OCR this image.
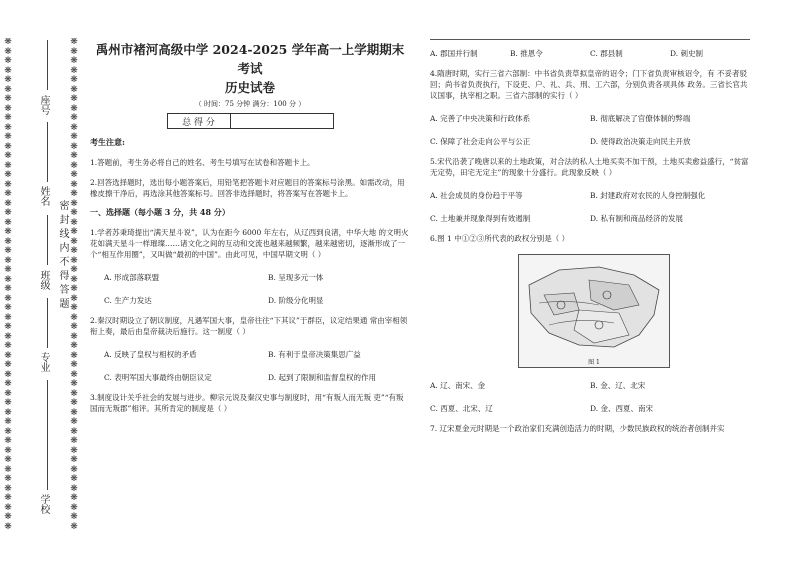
❋❋❋❋❋❋❋❋❋❋❋❋❋❋❋❋❋❋❋❋❋❋❋❋❋❋❋❋❋❋❋❋❋❋❋❋❋❋❋❋❋❋❋❋❋❋❋❋❋❋❋❋
❋❋❋❋❋❋❋❋❋❋❋❋❋❋❋❋❋❋❋❋❋❋❋❋❋❋❋❋❋❋❋❋❋❋❋❋❋❋❋❋❋❋❋❋❋❋❋❋❋❋❋❋
座号
姓名
班级
专业
学校
密封线内不得答题
禹州市褚河高级中学 2024-2025 学年高一上学期期末考试
历史试卷
（ 时间：75 分钟 满分：100 分 ）
总 得 分	

考生注意:

1.答题前，考生务必将自己的姓名、考生号填写在试卷和答题卡上。

2.回答选择题时，选出每小题答案后，用铅笔把答题卡对应题目的答案标号涂黑。如需改动，用橡皮擦干净后，再选涂其他答案标号。回答非选择题时，将答案写在答题卡上。

一、选择题（每小题 3 分，共 48 分）

1.学者苏秉琦提出“满天星斗说”，认为在距今 6000 年左右，从辽西到良渚，中华大地 的文明火花如满天星斗一样璀璨……诸文化之间的互动和交流也越来越频繁，越来越密切，逐渐形成了一个“相互作用圈”，又叫做“最初的中国”。由此可见，中国早期文明（ ）

A. 形成部落联盟	B. 呈现多元一体
C. 生产力发达	D. 阶级分化明显

2.秦汉时期设立了朝议制度，凡遇军国大事，皇帝往往“下其议”于群臣，议定结果通 常由宰相领衔上奏，最后由皇帝裁决后施行。这一制度（ ）

A. 反映了皇权与相权的矛盾	B. 有利于皇帝决策集思广益
C. 表明军国大事最终由朝臣议定	D. 起到了限制和监督皇权的作用

3.制度设计关乎社会的发展与进步。柳宗元说及秦汉史事与制度时，用“有叛人而无叛 吏”“有叛国而无叛郡”相评。其所肯定的制度是（ ）

A. 郡国并行制	B. 推恩令	C. 郡县制	D. 刺史制

4.隋唐时期，实行三省六部制：中书省负责草拟皇帝的诏令；门下省负责审核诏令，有 不妥者驳回；尚书省负责执行，下设吏、户、礼、兵、刑、工六部，分别负责各项具体 政务。三省长官共议国事，执宰相之职。三省六部制的实行（ ）

A. 完善了中央决策和行政体系	B. 彻底解决了官僚体制的弊端
C. 保障了社会走向公平与公正	D. 使得政治决策走向民主开放

5.宋代沿袭了晚唐以来的土地政策，对合法的私人土地买卖不加干预，土地买卖愈益盛行，“贫富无定势，田宅无定主”的现象十分盛行。此现象反映（ ）

A. 社会成员的身份趋于平等	B. 封建政府对农民的人身控制强化
C. 土地兼并现象得到有效遏制	D. 私有制和商品经济的发展

6.图 1 中①②③所代表的政权分别是（ ）

图 1
A. 辽、南宋、金	B. 金、辽、北宋
C. 西夏、北宋、辽	D. 金、西夏、南宋

7. 辽宋夏金元时期是一个政治家们充满创造活力的时期，少数民族政权的统治者创制并实
